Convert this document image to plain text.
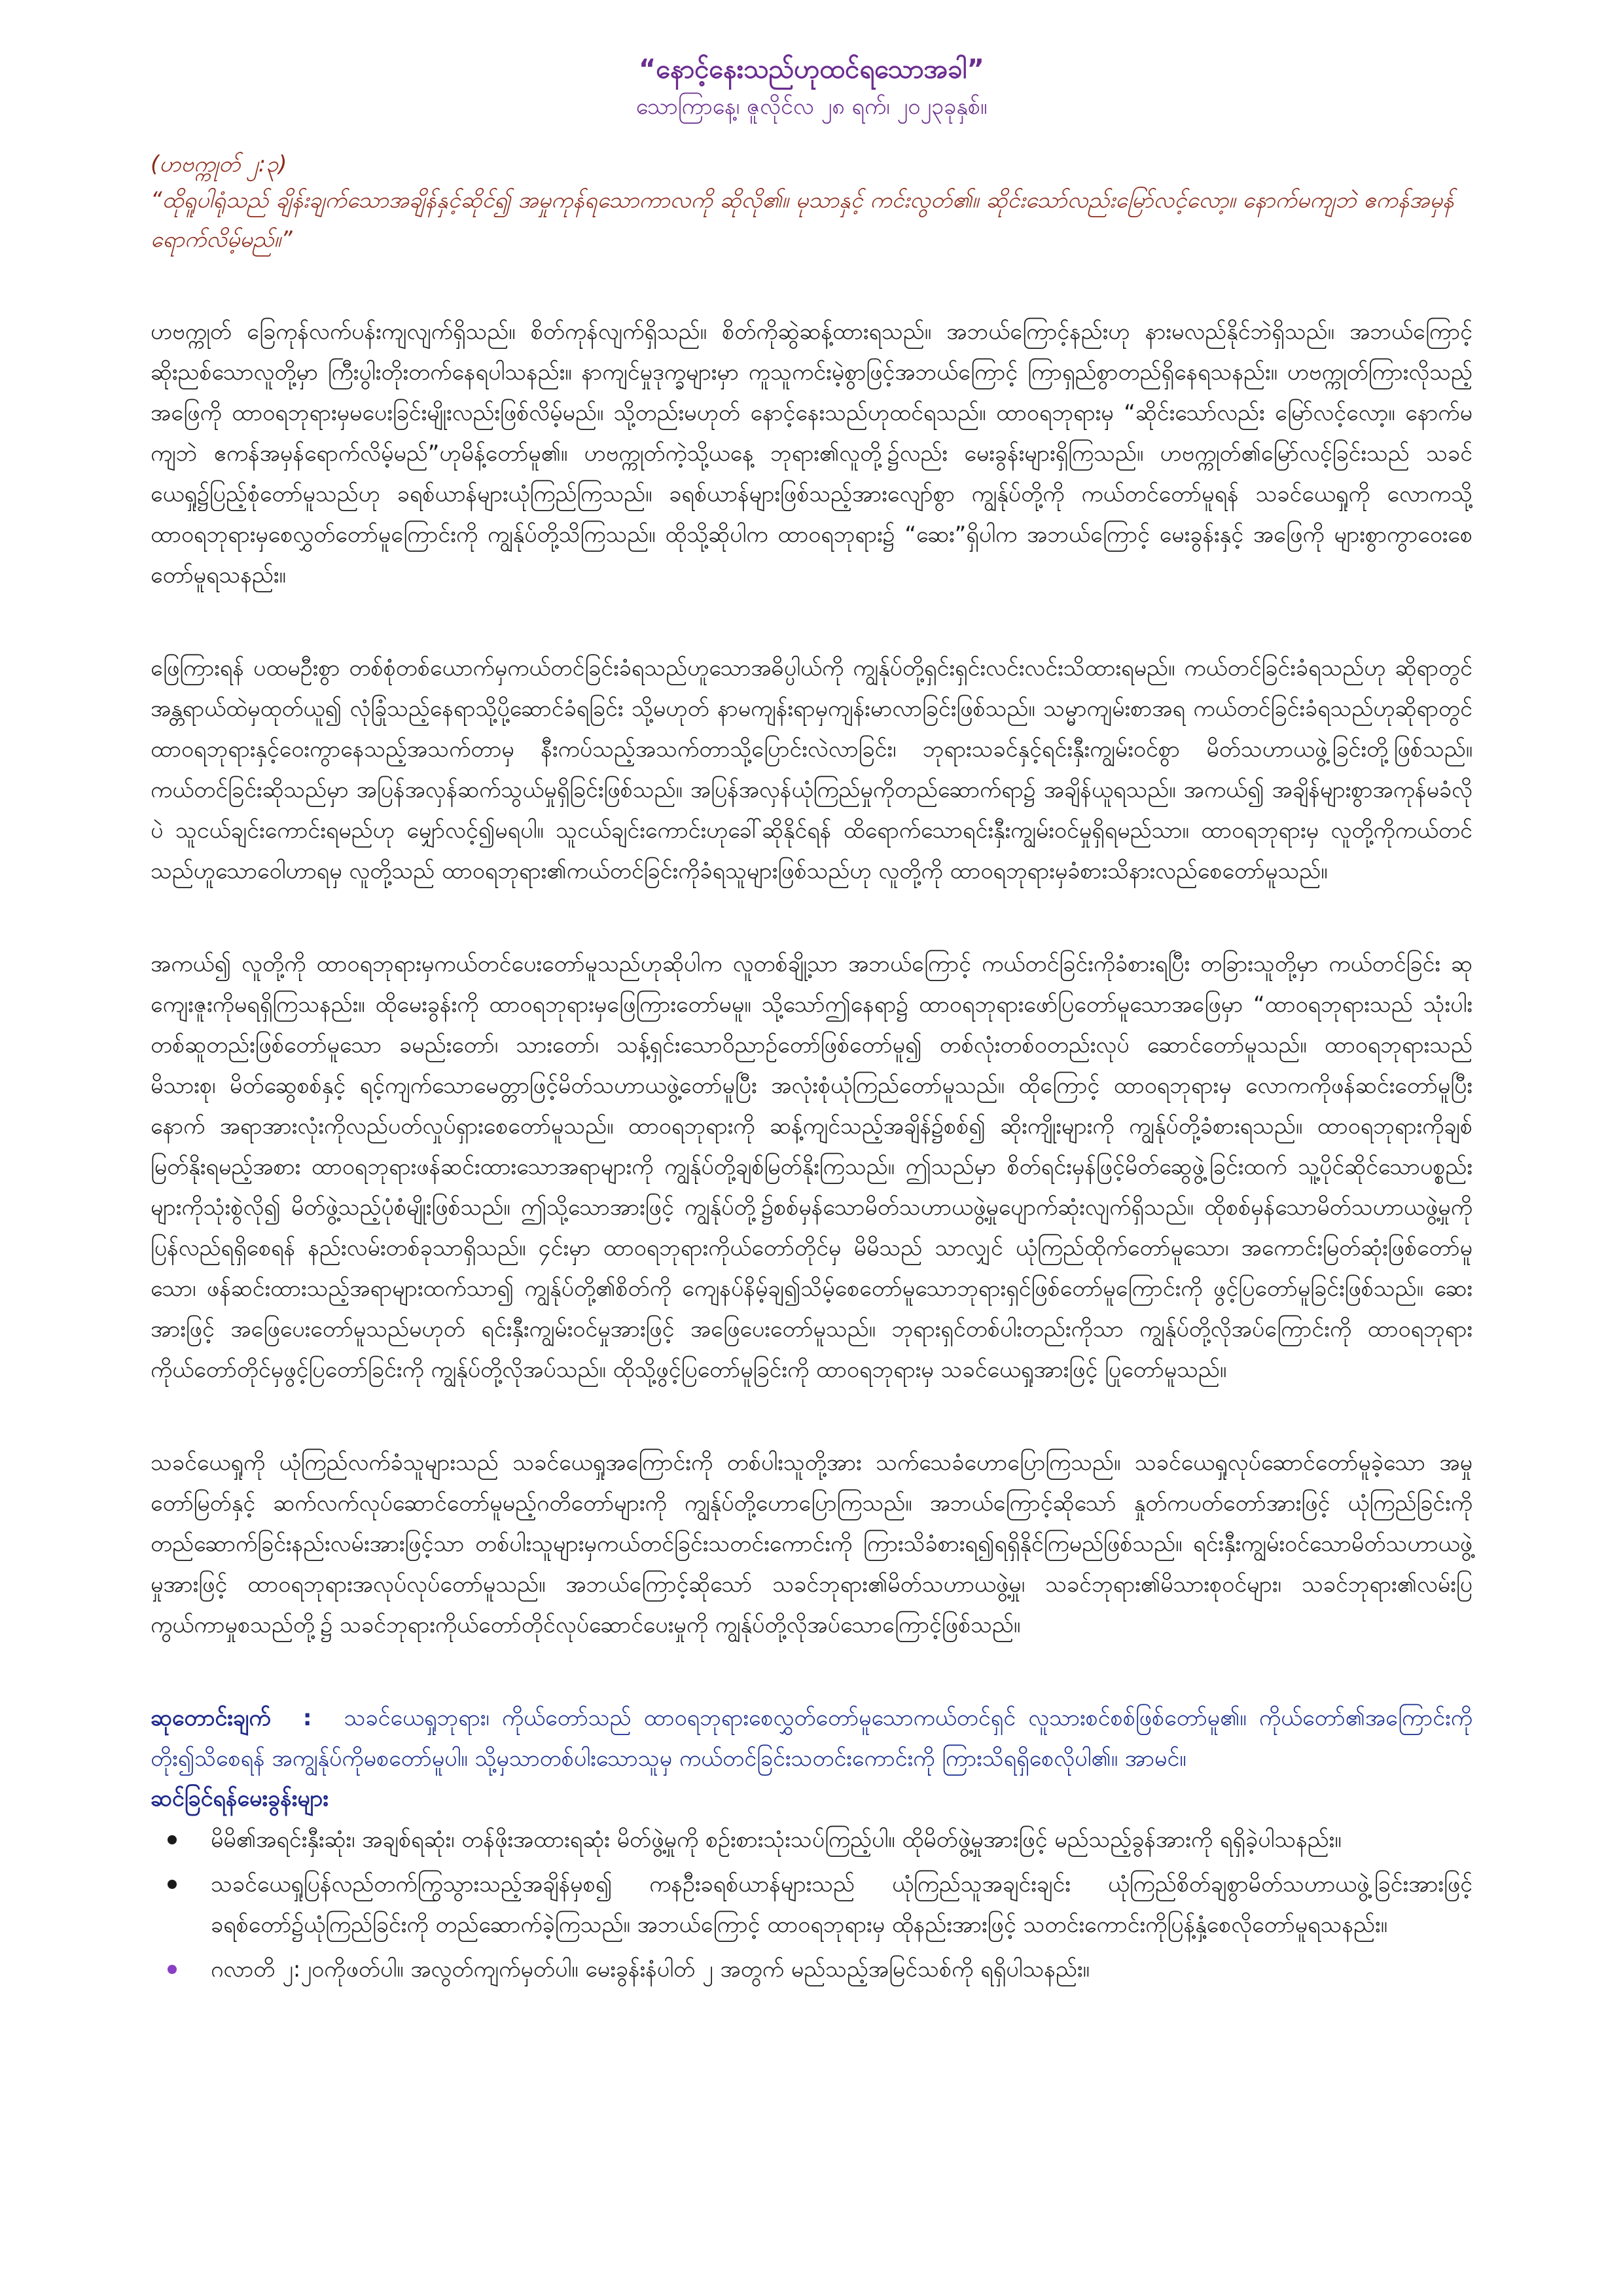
“နောင့်နေးသည်ဟုထင်ရသောအခါ”
သောကြာနေ့၊ ဇူလိုင်လ ၂၈ ရက်၊ ၂၀၂၃ခုနှစ်။
(ဟဗက္ကုတ် ၂:၃)
“ထိုရူပါရုံသည် ချိန်းချက်သောအချိန်နှင့်ဆိုင်၍ အမှုကုန်ရသောကာလကို ဆိုလို၏။ မုသာနှင့် ကင်းလွတ်၏။ ဆိုင်းသော်လည်းမြော်လင့်လော့။ နောက်မကျဘဲ ဧကန်အမှန်ရောက်လိမ့်မည်။”

ဟဗက္ကုတ် ခြေကုန်လက်ပန်းကျလျက်ရှိသည်။ စိတ်ကုန်လျက်ရှိသည်။ စိတ်ကိုဆွဲဆန့်ထားရသည်။ အဘယ်ကြောင့်နည်းဟု နားမလည်နိုင်ဘဲရှိသည်။ အဘယ်ကြောင့် ဆိုးညစ်သောလူတို့မှာ ကြီးပွါးတိုးတက်နေရပါသနည်း။ နာကျင်မှုဒုက္ခများမှာ ကူသူကင်းမဲ့စွာဖြင့်အဘယ်ကြောင့် ကြာရှည်စွာတည်ရှိနေရသနည်း။ ဟဗက္ကုတ်ကြားလိုသည့်အဖြေကို ထာဝရဘုရားမှမပေးခြင်းမျိုးလည်းဖြစ်လိမ့်မည်။ သို့တည်းမဟုတ် နောင့်နေးသည်ဟုထင်ရသည်။ ထာဝရဘုရားမှ “ဆိုင်းသော်လည်း မြော်လင့်လော့။ နောက်မကျဘဲ ဧကန်အမှန်ရောက်လိမ့်မည်”ဟုမိန့်တော်မူ၏။ ဟဗက္ကုတ်ကဲ့သို့ယနေ့ ဘုရား၏လူတို့၌လည်း မေးခွန်းများရှိကြသည်။ ဟဗက္ကုတ်၏မြော်လင့်ခြင်းသည် သခင်ယေရှု၌ပြည့်စုံတော်မူသည်ဟု ခရစ်ယာန်များယုံကြည်ကြသည်။ ခရစ်ယာန်များဖြစ်သည့်အားလျော်စွာ ကျွန်ုပ်တို့ကို ကယ်တင်တော်မူရန် သခင်ယေရှုကို လောကသို့ထာဝရဘုရားမှစေလွှတ်တော်မူကြောင်းကို ကျွန်ုပ်တို့သိကြသည်။ ထိုသို့ဆိုပါက ထာဝရဘုရား၌ “ဆေး”ရှိပါက အဘယ်ကြောင့် မေးခွန်းနှင့် အဖြေကို များစွာကွာဝေးစေတော်မူရသနည်း။

ဖြေကြားရန် ပထမဦးစွာ တစ်စုံတစ်ယောက်မှကယ်တင်ခြင်းခံရသည်ဟူသောအဓိပ္ပါယ်ကို ကျွန်ုပ်တို့ရှင်းရှင်းလင်းလင်းသိထားရမည်။ ကယ်တင်ခြင်းခံရသည်ဟု ဆိုရာတွင် အန္တရာယ်ထဲမှထုတ်ယူ၍ လုံခြုံသည့်နေရာသို့ပို့ဆောင်ခံရခြင်း သို့မဟုတ် နာမကျန်းရာမှကျန်းမာလာခြင်းဖြစ်သည်။ သမ္မာကျမ်းစာအရ ကယ်တင်ခြင်းခံရသည်ဟုဆိုရာတွင် ထာဝရဘုရားနှင့်ဝေးကွာနေသည့်အသက်တာမှ နီးကပ်သည့်အသက်တာသို့ပြောင်းလဲလာခြင်း၊ ဘုရားသခင်နှင့်ရင်းနှီးကျွမ်းဝင်စွာ မိတ်သဟာယဖွဲ့ခြင်းတို့ဖြစ်သည်။ ကယ်တင်ခြင်းဆိုသည်မှာ အပြန်အလှန်ဆက်သွယ်မှုရှိခြင်းဖြစ်သည်။ အပြန်အလှန်ယုံကြည်မှုကိုတည်ဆောက်ရာ၌ အချိန်ယူရသည်။ အကယ်၍ အချိန်များစွာအကုန်မခံလိုပဲ သူငယ်ချင်းကောင်းရမည်ဟု မျှော်လင့်၍မရပါ။ သူငယ်ချင်းကောင်းဟုခေါ်ဆိုနိုင်ရန် ထိရောက်သောရင်းနှီးကျွမ်းဝင်မှုရှိရမည်သာ။ ထာဝရဘုရားမှ လူတို့ကိုကယ်တင်သည်ဟူသောဝေါဟာရမှ လူတို့သည် ထာဝရဘုရား၏ကယ်တင်ခြင်းကိုခံရသူများဖြစ်သည်ဟု လူတို့ကို ထာဝရဘုရားမှခံစားသိနားလည်စေတော်မူသည်။

အကယ်၍ လူတို့ကို ထာဝရဘုရားမှကယ်တင်ပေးတော်မူသည်ဟုဆိုပါက လူတစ်ချို့သာ အဘယ်ကြောင့် ကယ်တင်ခြင်းကိုခံစားရပြီး တခြားသူတို့မှာ ကယ်တင်ခြင်း ဆုကျေးဇူးကိုမရရှိကြသနည်း။ ထိုမေးခွန်းကို ထာဝရဘုရားမှဖြေကြားတော်မမူ။ သို့သော်ဤနေရာ၌ ထာဝရဘုရားဖော်ပြတော်မူသောအဖြေမှာ “ထာဝရဘုရားသည် သုံးပါးတစ်ဆူတည်းဖြစ်တော်မူသော ခမည်းတော်၊ သားတော်၊ သန့်ရှင်းသောဝိညာဉ်တော်ဖြစ်တော်မူ၍ တစ်လုံးတစ်ဝတည်းလုပ် ဆောင်တော်မူသည်။ ထာဝရဘုရားသည် မိသားစု၊ မိတ်ဆွေစစ်နှင့် ရင့်ကျက်သောမေတ္တာဖြင့်မိတ်သဟာယဖွဲ့တော်မူပြီး အလုံးစုံယုံကြည်တော်မူသည်။ ထိုကြောင့် ထာဝရဘုရားမှ လောကကိုဖန်ဆင်းတော်မူပြီးနောက် အရာအားလုံးကိုလည်ပတ်လှုပ်ရှားစေတော်မူသည်။ ထာဝရဘုရားကို ဆန့်ကျင်သည့်အချိန်၌စစ်၍ ဆိုးကျိုးများကို ကျွန်ုပ်တို့ခံစားရသည်။ ထာဝရဘုရားကိုချစ်မြတ်နိုးရမည့်အစား ထာဝရဘုရားဖန်ဆင်းထားသောအရာများကို ကျွန်ုပ်တို့ချစ်မြတ်နိုးကြသည်။ ဤသည်မှာ စိတ်ရင်းမှန်ဖြင့်မိတ်ဆွေဖွဲ့ခြင်းထက် သူ့ပိုင်ဆိုင်သောပစ္စည်းများကိုသုံးစွဲလို၍ မိတ်ဖွဲ့သည့်ပုံစံမျိုးဖြစ်သည်။ ဤသို့သောအားဖြင့် ကျွန်ုပ်တို့၌စစ်မှန်သောမိတ်သဟာယဖွဲ့မှုပျောက်ဆုံးလျက်ရှိသည်။ ထိုစစ်မှန်သောမိတ်သဟာယဖွဲ့မှုကို ပြန်လည်ရရှိစေရန် နည်းလမ်းတစ်ခုသာရှိသည်။ ၄င်းမှာ ထာဝရဘုရားကိုယ်တော်တိုင်မှ မိမိသည် သာလျှင် ယုံကြည်ထိုက်တော်မူသော၊ အကောင်းမြတ်ဆုံးဖြစ်တော်မူသော၊ ဖန်ဆင်းထားသည့်အရာများထက်သာ၍ ကျွန်ုပ်တို့၏စိတ်ကို ကျေနပ်နိမ့်ချ၍သိမ့်စေတော်မူသောဘုရားရှင်ဖြစ်တော်မူကြောင်းကို ဖွင့်ပြတော်မူခြင်းဖြစ်သည်။ ဆေးအားဖြင့် အဖြေပေးတော်မူသည်မဟုတ် ရင်းနှီးကျွမ်းဝင်မှုအားဖြင့် အဖြေပေးတော်မူသည်။ ဘုရားရှင်တစ်ပါးတည်းကိုသာ ကျွန်ုပ်တို့လိုအပ်ကြောင်းကို ထာဝရဘုရားကိုယ်တော်တိုင်မှဖွင့်ပြတော်ခြင်းကို ကျွန်ုပ်တို့လိုအပ်သည်။ ထိုသို့ဖွင့်ပြတော်မူခြင်းကို ထာဝရဘုရားမှ သခင်ယေရှုအားဖြင့် ပြုတော်မူသည်။

သခင်ယေရှုကို ယုံကြည်လက်ခံသူများသည် သခင်ယေရှုအကြောင်းကို တစ်ပါးသူတို့အား သက်သေခံဟောပြောကြသည်။ သခင်ယေရှုလုပ်ဆောင်တော်မူခဲ့သော အမှုတော်မြတ်နှင့် ဆက်လက်လုပ်ဆောင်တော်မူမည့်ဂတိတော်များကို ကျွန်ုပ်တို့ဟောပြောကြသည်။ အဘယ်ကြောင့်ဆိုသော် နှုတ်ကပတ်တော်အားဖြင့် ယုံကြည်ခြင်းကို တည်ဆောက်ခြင်းနည်းလမ်းအားဖြင့်သာ တစ်ပါးသူများမှကယ်တင်ခြင်းသတင်းကောင်းကို ကြားသိခံစားရ၍ရရှိနိုင်ကြမည်ဖြစ်သည်။ ရင်းနှီးကျွမ်းဝင်သောမိတ်သဟာယဖွဲ့မှုအားဖြင့် ထာဝရဘုရားအလုပ်လုပ်တော်မူသည်။ အဘယ်ကြောင့်ဆိုသော် သခင်ဘုရား၏မိတ်သဟာယဖွဲ့မှု၊ သခင်ဘုရား၏မိသားစုဝင်များ၊ သခင်ဘုရား၏လမ်းပြကွယ်ကာမှုစသည်တို့၌ သခင်ဘုရားကိုယ်တော်တိုင်လုပ်ဆောင်ပေးမှုကို ကျွန်ုပ်တို့လိုအပ်သောကြောင့်ဖြစ်သည်။

ဆုတောင်းချက် : သခင်ယေရှုဘုရား၊ ကိုယ်တော်သည် ထာဝရဘုရားစေလွှတ်တော်မူသောကယ်တင်ရှင် လူသားစင်စစ်ဖြစ်တော်မူ၏။ ကိုယ်တော်၏အကြောင်းကို တိုး၍သိစေရန် အကျွန်ုပ်ကိုမစတော်မူပါ။ သို့မှသာတစ်ပါးသောသူမှ ကယ်တင်ခြင်းသတင်းကောင်းကို ကြားသိရရှိစေလိုပါ၏။ အာမင်။

ဆင်ခြင်ရန်မေးခွန်းများ
မိမိ၏အရင်းနှီးဆုံး၊ အချစ်ရဆုံး၊ တန်ဖိုးအထားရဆုံး မိတ်ဖွဲ့မှုကို စဉ်းစားသုံးသပ်ကြည့်ပါ။ ထိုမိတ်ဖွဲ့မှုအားဖြင့် မည်သည့်ခွန်အားကို ရရှိခဲ့ပါသနည်း။
သခင်ယေရှုပြန်လည်တက်ကြွသွားသည့်အချိန်မှစ၍ ကနဦးခရစ်ယာန်များသည် ယုံကြည်သူအချင်းချင်း ယုံကြည်စိတ်ချစွာမိတ်သဟာယဖွဲ့ခြင်းအားဖြင့် ခရစ်တော်၌ယုံကြည်ခြင်းကို တည်ဆောက်ခဲ့ကြသည်။ အဘယ်ကြောင့် ထာဝရဘုရားမှ ထိုနည်းအားဖြင့် သတင်းကောင်းကိုပြန့်နှံ့စေလိုတော်မူရသနည်း။
ဂလာတိ ၂:၂၀ကိုဖတ်ပါ။ အလွတ်ကျက်မှတ်ပါ။ မေးခွန်းနံပါတ် ၂ အတွက် မည်သည့်အမြင်သစ်ကို ရရှိပါသနည်း။
